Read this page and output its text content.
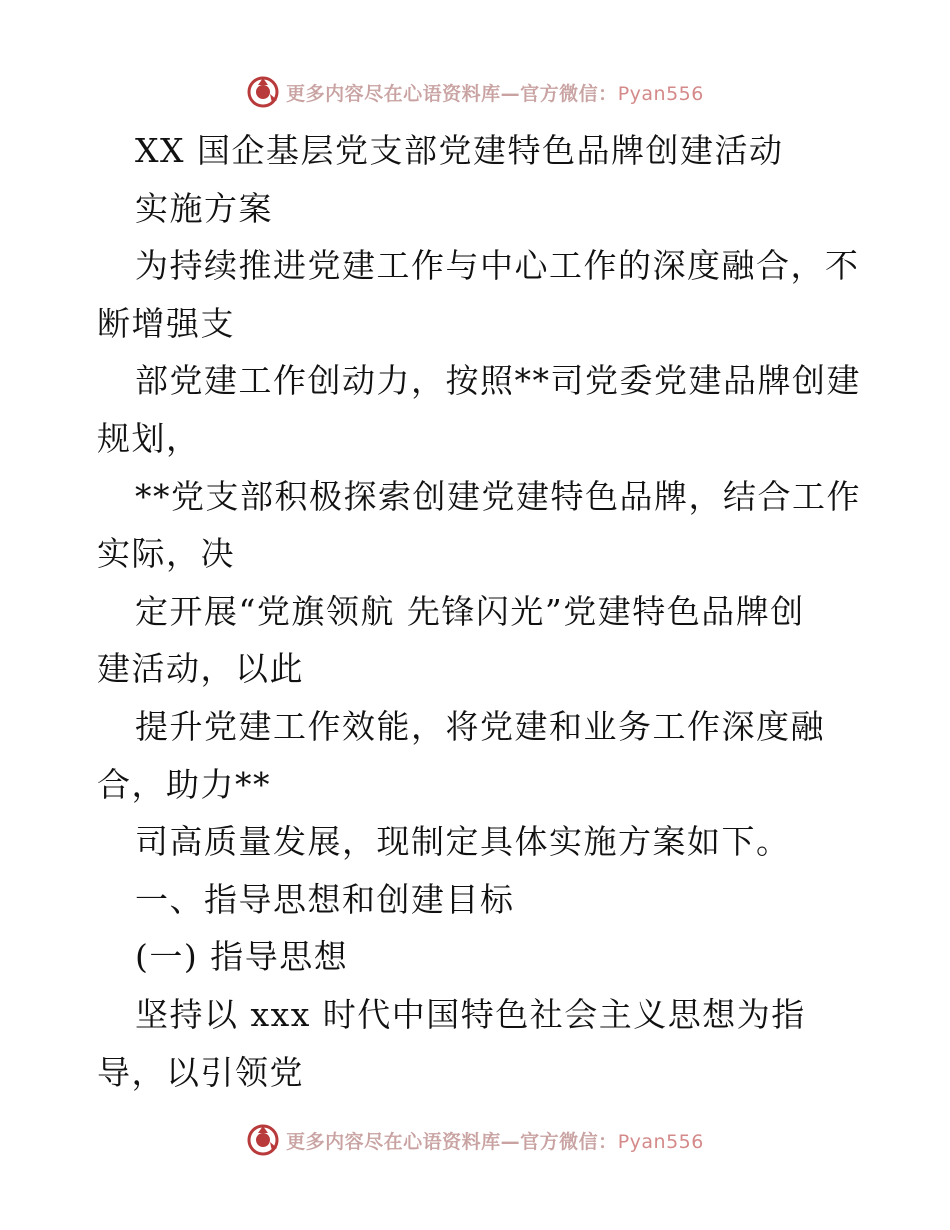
更多内容尽在心语资料库—官方微信：Pyan556
XX 国企基层党支部党建特色品牌创建活动
实施方案
为持续推进党建工作与中心工作的深度融合，不
断增强支
部党建工作创动力，按照**司党委党建品牌创建
规划，
**党支部积极探索创建党建特色品牌，结合工作
实际，决
定开展“党旗领航 先锋闪光”党建特色品牌创
建活动，以此
提升党建工作效能，将党建和业务工作深度融
合，助力**
司高质量发展，现制定具体实施方案如下。
一、指导思想和创建目标
(一) 指导思想
坚持以 xxx 时代中国特色社会主义思想为指
导，以引领党
更多内容尽在心语资料库—官方微信：Pyan556
